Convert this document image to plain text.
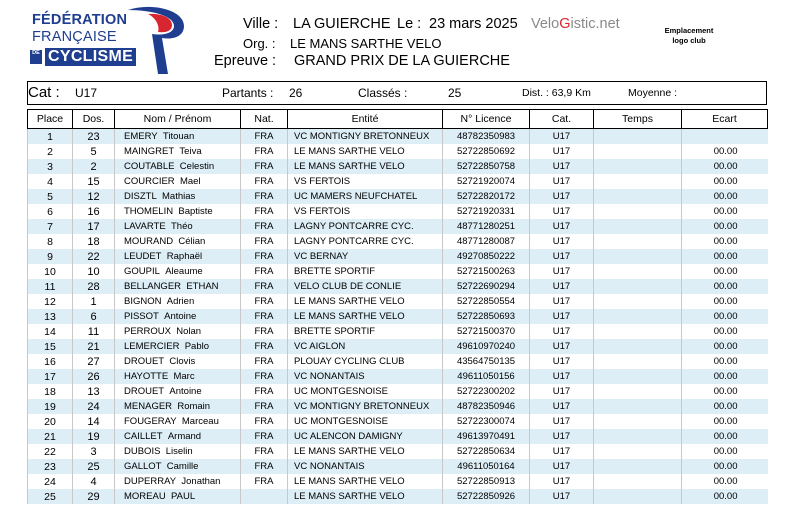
FÉDÉRATION
FRANÇAISE
DE CYCLISME
Ville : LA GUIERCHE Le : 23 mars 2025
Org. : LE MANS SARTHE VELO
Epreuve : GRAND PRIX DE LA GUIERCHE
VeloGistic.net	Emplacement
logo club
Cat : U17	Partants : 26	Classés :	25	Dist. : 63,9 Km	Moyenne :
Place	Dos.	Nom / Prénom	Nat.	Entité	N° Licence	Cat.	Temps	Ecart
1	23	EMERY Titouan	FRA	VC MONTIGNY BRETONNEUX	48782350983	U17		
2	5	MAINGRET Teiva	FRA	LE MANS SARTHE VELO	52722850692	U17		00.00
3	2	COUTABLE Celestin	FRA	LE MANS SARTHE VELO	52722850758	U17		00.00
4	15	COURCIER Mael	FRA	VS FERTOIS	52721920074	U17		00.00
5	12	DISZTL Mathias	FRA	UC MAMERS NEUFCHATEL	52722820172	U17		00.00
6	16	THOMELIN Baptiste	FRA	VS FERTOIS	52721920331	U17		00.00
7	17	LAVARTE Théo	FRA	LAGNY PONTCARRE CYC.	48771280251	U17		00.00
8	18	MOURAND Célian	FRA	LAGNY PONTCARRE CYC.	48771280087	U17		00.00
9	22	LEUDET Raphaël	FRA	VC BERNAY	49270850222	U17		00.00
10	10	GOUPIL Aleaume	FRA	BRETTE SPORTIF	52721500263	U17		00.00
11	28	BELLANGER ETHAN	FRA	VELO CLUB DE CONLIE	52722690294	U17		00.00
12	1	BIGNON Adrien	FRA	LE MANS SARTHE VELO	52722850554	U17		00.00
13	6	PISSOT Antoine	FRA	LE MANS SARTHE VELO	52722850693	U17		00.00
14	11	PERROUX Nolan	FRA	BRETTE SPORTIF	52721500370	U17		00.00
15	21	LEMERCIER Pablo	FRA	VC AIGLON	49610970240	U17		00.00
16	27	DROUET Clovis	FRA	PLOUAY CYCLING CLUB	43564750135	U17		00.00
17	26	HAYOTTE Marc	FRA	VC NONANTAIS	49611050156	U17		00.00
18	13	DROUET Antoine	FRA	UC MONTGESNOISE	52722300202	U17		00.00
19	24	MENAGER Romain	FRA	VC MONTIGNY BRETONNEUX	48782350946	U17		00.00
20	14	FOUGERAY Marceau	FRA	UC MONTGESNOISE	52722300074	U17		00.00
21	19	CAILLET Armand	FRA	UC ALENCON DAMIGNY	49613970491	U17		00.00
22	3	DUBOIS Liselin	FRA	LE MANS SARTHE VELO	52722850634	U17		00.00
23	25	GALLOT Camille	FRA	VC NONANTAIS	49611050164	U17		00.00
24	4	DUPERRAY Jonathan	FRA	LE MANS SARTHE VELO	52722850913	U17		00.00
25	29	MOREAU PAUL		LE MANS SARTHE VELO	52722850926	U17		00.00
